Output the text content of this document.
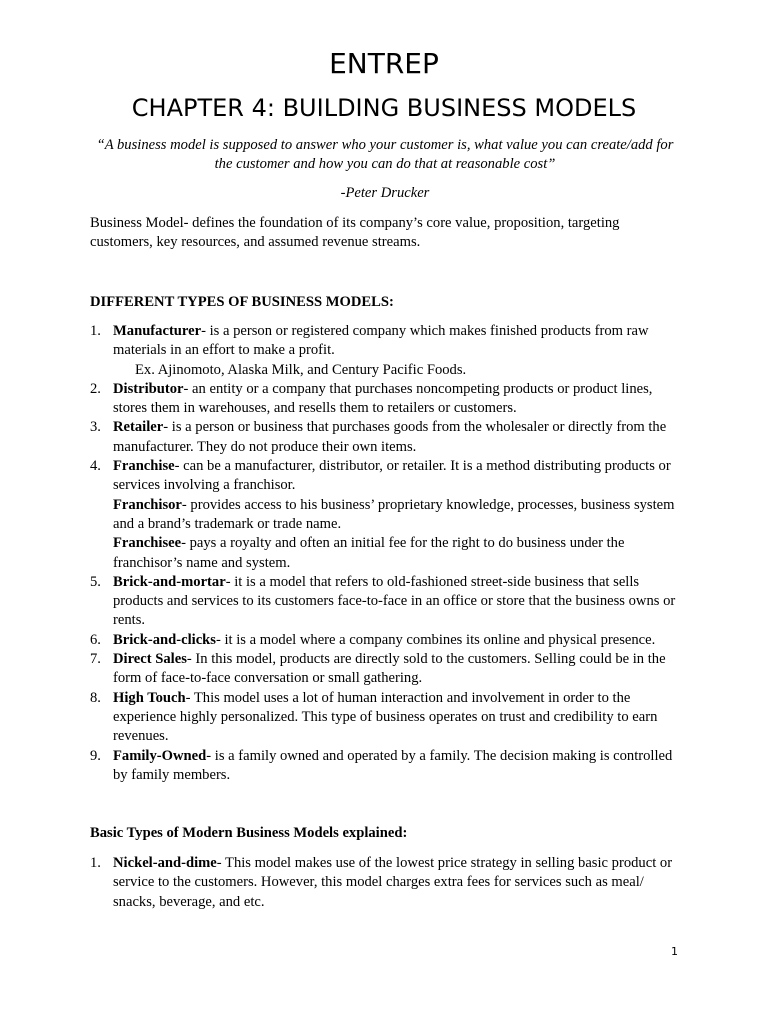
ENTREP
CHAPTER 4: BUILDING BUSINESS MODELS
“A business model is supposed to answer who your customer is, what value you can create/add for the customer and how you can do that at reasonable cost”
-Peter Drucker
Business Model- defines the foundation of its company’s core value, proposition, targeting customers, key resources, and assumed revenue streams.
DIFFERENT TYPES OF BUSINESS MODELS:
1. Manufacturer- is a person or registered company which makes finished products from raw materials in an effort to make a profit.
Ex. Ajinomoto, Alaska Milk, and Century Pacific Foods.
2. Distributor- an entity or a company that purchases noncompeting products or product lines, stores them in warehouses, and resells them to retailers or customers.
3. Retailer- is a person or business that purchases goods from the wholesaler or directly from the manufacturer. They do not produce their own items.
4. Franchise- can be a manufacturer, distributor, or retailer. It is a method distributing products or services involving a franchisor.
Franchisor- provides access to his business’ proprietary knowledge, processes, business system and a brand’s trademark or trade name.
Franchisee- pays a royalty and often an initial fee for the right to do business under the franchisor’s name and system.
5. Brick-and-mortar- it is a model that refers to old-fashioned street-side business that sells products and services to its customers face-to-face in an office or store that the business owns or rents.
6. Brick-and-clicks- it is a model where a company combines its online and physical presence.
7. Direct Sales- In this model, products are directly sold to the customers. Selling could be in the form of face-to-face conversation or small gathering.
8. High Touch- This model uses a lot of human interaction and involvement in order to the experience highly personalized. This type of business operates on trust and credibility to earn revenues.
9. Family-Owned- is a family owned and operated by a family. The decision making is controlled by family members.
Basic Types of Modern Business Models explained:
1. Nickel-and-dime- This model makes use of the lowest price strategy in selling basic product or service to the customers. However, this model charges extra fees for services such as meal/ snacks, beverage, and etc.
1
